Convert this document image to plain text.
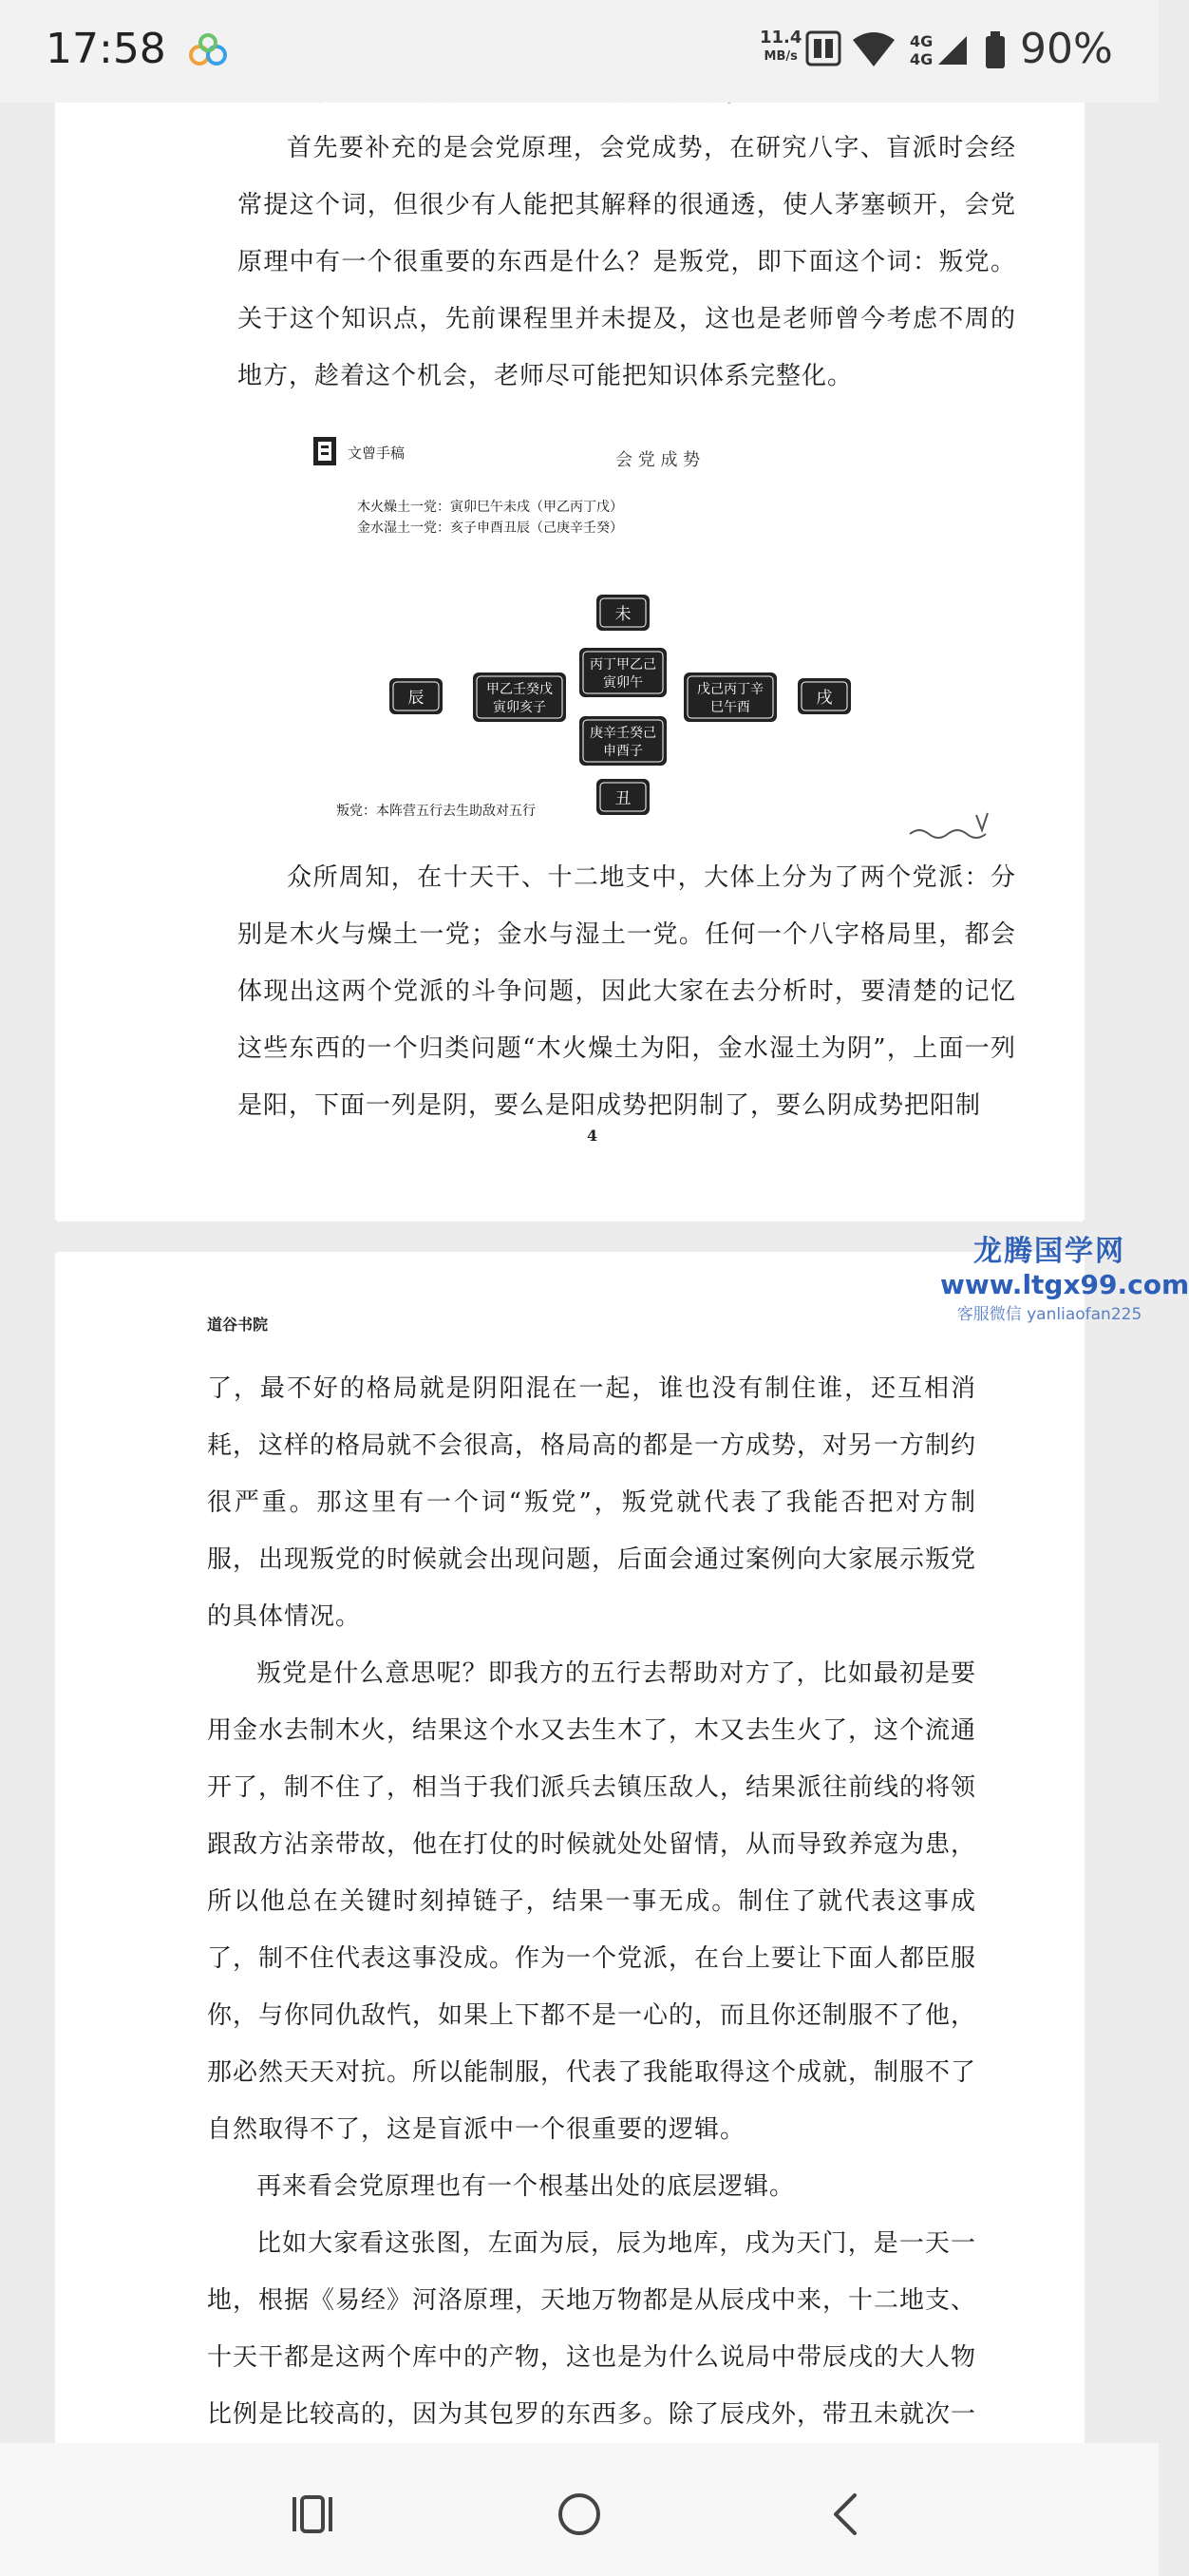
17:58	11.4
MB/s
4G
4G 90%

首先要补充的是会党原理，会党成势，在研究八字、盲派时会经常提这个词，但很少有人能把其解释的很通透，使人茅塞顿开，会党原理中有一个很重要的东西是什么？是叛党，即下面这个词：叛党。关于这个知识点，先前课程里并未提及，这也是老师曾今考虑不周的地方，趁着这个机会，老师尽可能把知识体系完整化。

文曾手稿	会 党 成 势
木火燥土一党：寅卯巳午未戌（甲乙丙丁戊）
金水湿土一党：亥子申酉丑辰（己庚辛壬癸）
未
丙丁甲乙己
寅卯午
辰	甲乙壬癸戊
寅卯亥子
戊己丙丁辛
巳午酉	戌
庚辛壬癸己
申酉子
丑
叛党：本阵营五行去生助敌对五行

众所周知，在十天干、十二地支中，大体上分为了两个党派：分别是木火与燥土一党；金水与湿土一党。任何一个八字格局里，都会体现出这两个党派的斗争问题，因此大家在去分析时，要清楚的记忆这些东西的一个归类问题“木火燥土为阳，金水湿土为阴”，上面一列是阳，下面一列是阴，要么是阳成势把阴制了，要么阴成势把阳制

4
龙腾国学网
www.ltgx99.com
客服微信 yanliaofan225
道谷书院

了，最不好的格局就是阴阳混在一起，谁也没有制住谁，还互相消耗，这样的格局就不会很高，格局高的都是一方成势，对另一方制约很严重。那这里有一个词“叛党”，叛党就代表了我能否把对方制服，出现叛党的时候就会出现问题，后面会通过案例向大家展示叛党的具体情况。

叛党是什么意思呢？即我方的五行去帮助对方了，比如最初是要用金水去制木火，结果这个水又去生木了，木又去生火了，这个流通开了，制不住了，相当于我们派兵去镇压敌人，结果派往前线的将领跟敌方沾亲带故，他在打仗的时候就处处留情，从而导致养寇为患，所以他总在关键时刻掉链子，结果一事无成。制住了就代表这事成了，制不住代表这事没成。作为一个党派，在台上要让下面人都臣服你，与你同仇敌忾，如果上下都不是一心的，而且你还制服不了他，那必然天天对抗。所以能制服，代表了我能取得这个成就，制服不了自然取得不了，这是盲派中一个很重要的逻辑。

再来看会党原理也有一个根基出处的底层逻辑。

比如大家看这张图，左面为辰，辰为地库，戌为天门，是一天一地，根据《易经》河洛原理，天地万物都是从辰戌中来，十二地支、十天干都是这两个库中的产物，这也是为什么说局中带辰戌的大人物比例是比较高的，因为其包罗的东西多。除了辰戌外，带丑未就次一
